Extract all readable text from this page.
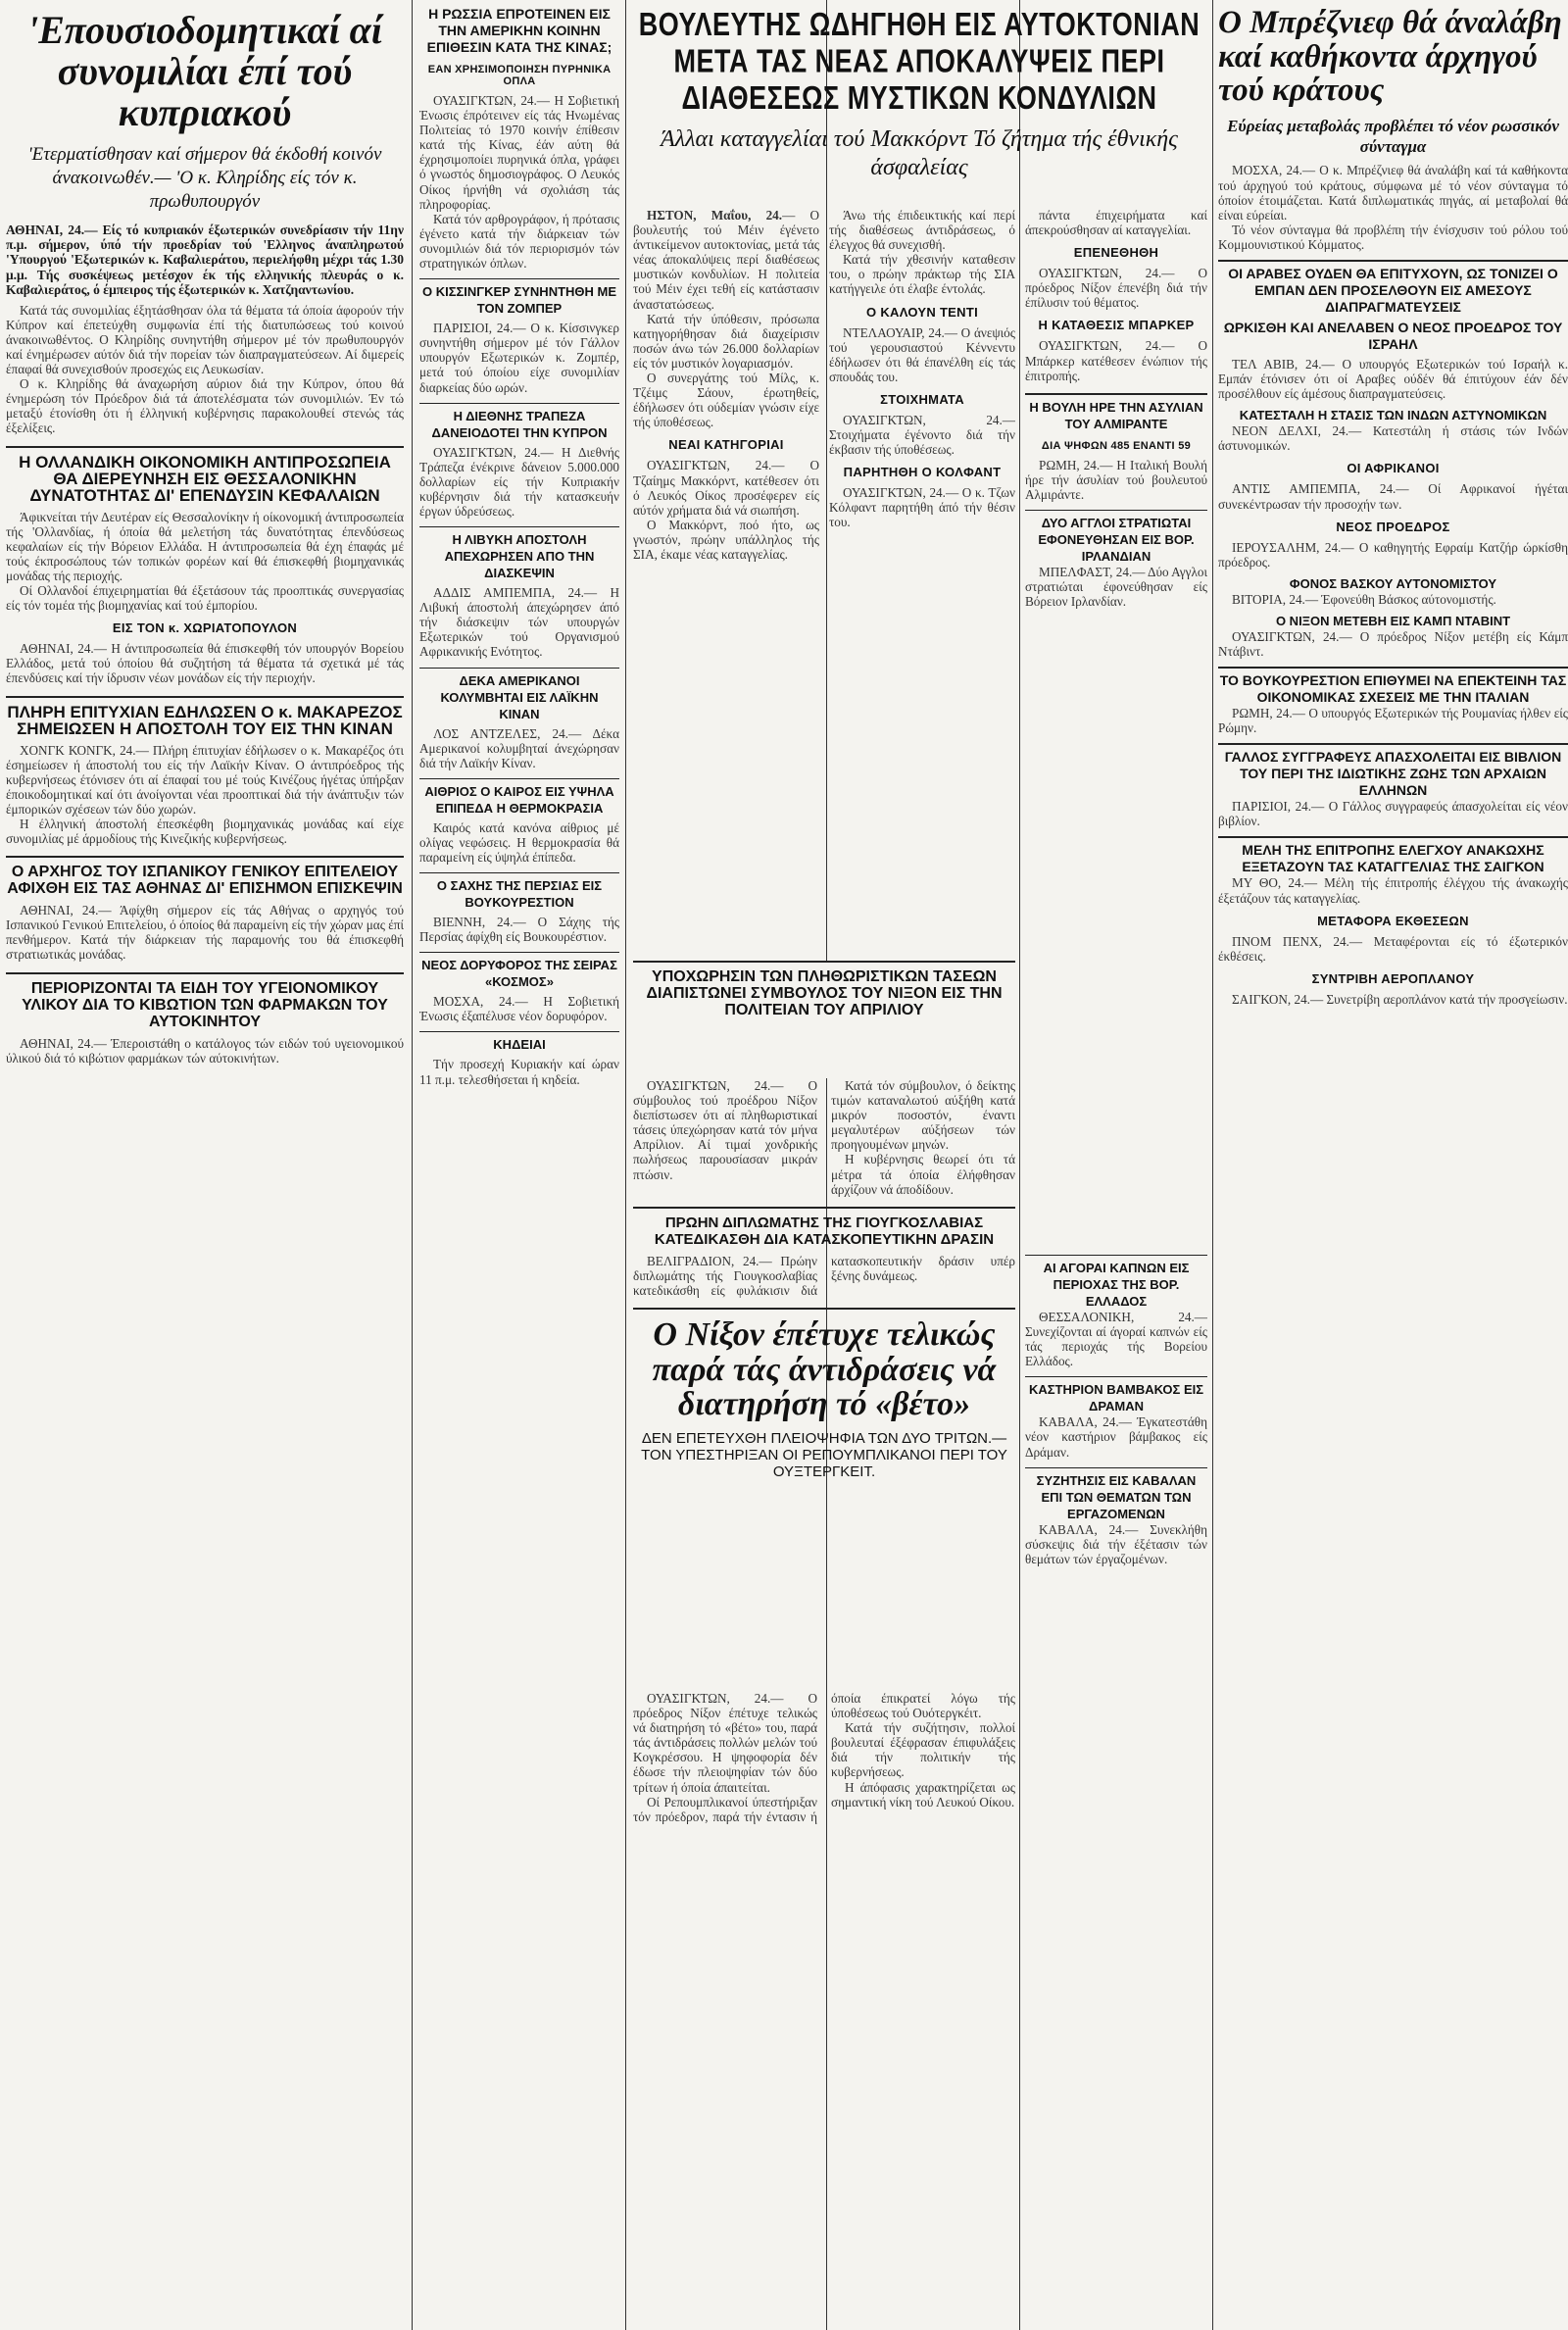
'Επουσιοδομητικαί αί συνομιλίαι έπί τού κυπριακού
'Ετερματίσθησαν καί σήμερον θά έκδοθή κοινόν άνακοινωθέν.— 'Ο κ. Κληρίδης είς τόν κ. πρωθυπουργόν
ΑΘΗΝΑΙ, 24.— Είς τό κυπριακόν έξωτερικών συνεδρίασιν τήν 11ην π.μ. σήμερον, ύπό τήν προεδρίαν τού 'Ελληνος άναπληρωτού 'Υπουργού 'Εξωτερικών κ. Καβαλιεράτου, περιελήφθη μέχρι τάς 1.30 μ.μ. Τής συσκέψεως μετέσχον έκ τής ελληνικής πλευράς ο κ. Καβαλιεράτος, ό έμπειρος τής έξωτερικών κ. Χατζηαντωνίου.

Κατά τάς συνομιλίας έξητάσθησαν όλα τά θέματα τά όποία άφορούν τήν Κύπρον καί έπετεύχθη συμφωνία έπί τής διατυπώσεως τού κοινού άνακοινωθέντος. Ο Κληρίδης συνηντήθη σήμερον μέ τόν πρωθυπουργόν καί ένημέρωσεν αύτόν διά τήν πορείαν τών διαπραγματεύσεων. Αί διμερείς έπαφαί θά συνεχισθούν προσεχώς εις Λευκωσίαν.

Ο κ. Κληρίδης θά άναχωρήση αύριον διά την Κύπρον, όπου θά ένημερώση τόν Πρόεδρον διά τά άποτελέσματα τών συνομιλιών. Έν τώ μεταξύ έτονίσθη ότι ή έλληνική κυβέρνησις παρακολουθεί στενώς τάς έξελίξεις.

Η ΟΛΛΑΝΔΙΚΗ ΟΙΚΟΝΟΜΙΚΗ ΑΝΤΙΠΡΟΣΩΠΕΙΑ ΘΑ ΔΙΕΡΕΥΝΗΣΗ ΕΙΣ ΘΕΣΣΑΛΟΝΙΚΗΝ ΔΥΝΑΤΟΤΗΤΑΣ ΔΙ' ΕΠΕΝΔΥΣΙΝ ΚΕΦΑΛΑΙΩΝ

Άφικνείται τήν Δευτέραν είς Θεσσαλονίκην ή οίκονομική άντιπροσωπεία τής 'Ολλανδίας, ή όποία θά μελετήση τάς δυνατότητας έπενδύσεως κεφαλαίων είς τήν Βόρειον Ελλάδα. Η άντιπροσωπεία θά έχη έπαφάς μέ τούς έκπροσώπους τών τοπικών φορέων καί θά έπισκεφθή βιομηχανικάς μονάδας τής περιοχής.

Οί Ολλανδοί έπιχειρηματίαι θά έξετάσουν τάς προοπτικάς συνεργασίας είς τόν τομέα τής βιομηχανίας καί τού έμπορίου.

ΕΙΣ ΤΟΝ κ. ΧΩΡΙΑΤΟΠΟΥΛΟΝ

ΑΘΗΝΑΙ, 24.— Η άντιπροσωπεία θά έπισκεφθή τόν υπουργόν Βορείου Ελλάδος, μετά τού όποίου θά συζητήση τά θέματα τά σχετικά μέ τάς έπενδύσεις καί τήν ίδρυσιν νέων μονάδων είς τήν περιοχήν.

ΠΛΗΡΗ ΕΠΙΤΥΧΙΑΝ ΕΔΗΛΩΣΕΝ Ο κ. ΜΑΚΑΡΕΖΟΣ ΣΗΜΕΙΩΣΕΝ Η ΑΠΟΣΤΟΛΗ ΤΟΥ ΕΙΣ ΤΗΝ ΚΙΝΑΝ

ΧΟΝΓΚ ΚΟΝΓΚ, 24.— Πλήρη έπιτυχίαν έδήλωσεν ο κ. Μακαρέζος ότι έσημείωσεν ή άποστολή του είς τήν Λαϊκήν Κίναν. Ο άντιπρόεδρος τής κυβερνήσεως έτόνισεν ότι αί έπαφαί του μέ τούς Κινέζους ήγέτας ύπήρξαν έποικοδομητικαί καί ότι άνοίγονται νέαι προοπτικαί διά τήν άνάπτυξιν τών έμπορικών σχέσεων τών δύο χωρών.

Η έλληνική άποστολή έπεσκέφθη βιομηχανικάς μονάδας καί είχε συνομιλίας μέ άρμοδίους τής Κινεζικής κυβερνήσεως.

Ο ΑΡΧΗΓΟΣ ΤΟΥ ΙΣΠΑΝΙΚΟΥ ΓΕΝΙΚΟΥ ΕΠΙΤΕΛΕΙΟΥ ΑΦΙΧΘΗ ΕΙΣ ΤΑΣ ΑΘΗΝΑΣ ΔΙ' ΕΠΙΣΗΜΟΝ ΕΠΙΣΚΕΨΙΝ

ΑΘΗΝΑΙ, 24.— Άφίχθη σήμερον είς τάς Αθήνας ο αρχηγός τού Ισπανικού Γενικού Επιτελείου, ό όποίος θά παραμείνη είς τήν χώραν μας έπί πενθήμερον. Κατά τήν διάρκειαν τής παραμονής του θά έπισκεφθή στρατιωτικάς μονάδας.

ΠΕΡΙΟΡΙΖΟΝΤΑΙ ΤΑ ΕΙΔΗ ΤΟΥ ΥΓΕΙΟΝΟΜΙΚΟΥ ΥΛΙΚΟΥ ΔΙΑ ΤΟ ΚΙΒΩΤΙΟΝ ΤΩΝ ΦΑΡΜΑΚΩΝ ΤΟΥ ΑΥΤΟΚΙΝΗΤΟΥ

ΑΘΗΝΑΙ, 24.— Έπεροιστάθη ο κατάλογος τών ειδών τού υγειονομικού ύλικού διά τό κιβώτιον φαρμάκων τών αύτοκινήτων.

Η ΡΩΣΣΙΑ ΕΠΡΟΤΕΙΝΕΝ ΕΙΣ ΤΗΝ ΑΜΕΡΙΚΗΝ ΚΟΙΝΗΝ ΕΠΙΘΕΣΙΝ ΚΑΤΑ ΤΗΣ ΚΙΝΑΣ;
ΕΑΝ ΧΡΗΣΙΜΟΠΟΙΗΣΗ ΠΥΡΗΝΙΚΑ ΟΠΛΑ

ΟΥΑΣΙΓΚΤΩΝ, 24.— Η Σοβιετική Ένωσις έπρότεινεν είς τάς Ηνωμένας Πολιτείας τό 1970 κοινήν έπίθεσιν κατά τής Κίνας, έάν αύτη θά έχρησιμοποίει πυρηνικά όπλα, γράφει ό γνωστός δημοσιογράφος. Ο Λευκός Οίκος ήρνήθη νά σχολιάση τάς πληροφορίας.

Κατά τόν αρθρογράφον, ή πρότασις έγένετο κατά τήν διάρκειαν τών συνομιλιών διά τόν περιορισμόν τών στρατηγικών όπλων.

Ο ΚΙΣΣΙΝΓΚΕΡ ΣΥΝΗΝΤΗΘΗ ΜΕ ΤΟΝ ΖΟΜΠΕΡ

ΠΑΡΙΣΙΟΙ, 24.— Ο κ. Κίσσινγκερ συνηντήθη σήμερον μέ τόν Γάλλον υπουργόν Εξωτερικών κ. Ζομπέρ, μετά τού όποίου είχε συνομιλίαν διαρκείας δύο ωρών.

Η ΔΙΕΘΝΗΣ ΤΡΑΠΕΖΑ ΔΑΝΕΙΟΔΟΤΕΙ ΤΗΝ ΚΥΠΡΟΝ

ΟΥΑΣΙΓΚΤΩΝ, 24.— Η Διεθνής Τράπεζα ένέκρινε δάνειον 5.000.000 δολλαρίων είς τήν Κυπριακήν κυβέρνησιν διά τήν κατασκευήν έργων ύδρεύσεως.

Η ΛΙΒΥΚΗ ΑΠΟΣΤΟΛΗ ΑΠΕΧΩΡΗΣΕΝ ΑΠΟ ΤΗΝ ΔΙΑΣΚΕΨΙΝ

ΑΔΔΙΣ ΑΜΠΕΜΠΑ, 24.— Η Λιβυκή άποστολή άπεχώρησεν άπό τήν διάσκεψιν τών υπουργών Εξωτερικών τού Οργανισμού Αφρικανικής Ενότητος.

ΔΕΚΑ ΑΜΕΡΙΚΑΝΟΙ ΚΟΛΥΜΒΗΤΑΙ ΕΙΣ ΛΑΪΚΗΝ ΚΙΝΑΝ

ΛΟΣ ΑΝΤΖΕΛΕΣ, 24.— Δέκα Αμερικανοί κολυμβηταί άνεχώρησαν διά τήν Λαϊκήν Κίναν.

ΑΙΘΡΙΟΣ Ο ΚΑΙΡΟΣ ΕΙΣ ΥΨΗΛΑ ΕΠΙΠΕΔΑ Η ΘΕΡΜΟΚΡΑΣΙΑ

Καιρός κατά κανόνα αίθριος μέ ολίγας νεφώσεις. Η θερμοκρασία θά παραμείνη είς ύψηλά έπίπεδα.

Ο ΣΑΧΗΣ ΤΗΣ ΠΕΡΣΙΑΣ ΕΙΣ ΒΟΥΚΟΥΡΕΣΤΙΟΝ

ΒΙΕΝΝΗ, 24.— Ο Σάχης τής Περσίας άφίχθη είς Βουκουρέστιον.

ΝΕΟΣ ΔΟΡΥΦΟΡΟΣ ΤΗΣ ΣΕΙΡΑΣ «ΚΟΣΜΟΣ»

ΜΟΣΧΑ, 24.— Η Σοβιετική Ένωσις έξαπέλυσε νέον δορυφόρον.

ΚΗΔΕΙΑΙ

Τήν προσεχή Κυριακήν καί ώραν 11 π.μ. τελεσθήσεται ή κηδεία.

ΒΟΥΛΕΥΤΗΣ ΩΔΗΓΗΘΗ ΕΙΣ ΑΥΤΟΚΤΟΝΙΑΝ ΜΕΤΑ ΤΑΣ ΝΕΑΣ ΑΠΟΚΑΛΥΨΕΙΣ ΠΕΡΙ ΔΙΑΘΕΣΕΩΣ ΜΥΣΤΙΚΩΝ ΚΟΝΔΥΛΙΩΝ
Άλλαι καταγγελίαι τού Μακκόρντ Τό ζήτημα τής έθνικής άσφαλείας

ΗΣΤΟΝ, Μαΐου, 24.— Ο βουλευτής τού Μέιν έγένετο άντικείμενον αυτοκτονίας, μετά τάς νέας άποκαλύψεις περί διαθέσεως μυστικών κονδυλίων. Η πολιτεία τού Μέιν έχει τεθή είς κατάστασιν άναστατώσεως.

Κατά τήν ύπόθεσιν, πρόσωπα κατηγορήθησαν διά διαχείρισιν ποσών άνω τών 26.000 δολλαρίων είς τόν μυστικόν λογαριασμόν.

Ο συνεργάτης τού Μίλς, κ. Τζέιμς Σάουν, έρωτηθείς, έδήλωσεν ότι ούδεμίαν γνώσιν είχε τής ύποθέσεως.

ΝΕΑΙ ΚΑΤΗΓΟΡΙΑΙ

ΟΥΑΣΙΓΚΤΩΝ, 24.— Ο Τζαίημς Μακκόρντ, κατέθεσεν ότι ό Λευκός Οίκος προσέφερεν είς αύτόν χρήματα διά νά σιωπήση.

Ο Μακκόρντ, ποό ήτο, ως γνωστόν, πρώην υπάλληλος τής ΣΙΑ, έκαμε νέας καταγγελίας.

Άνω τής έπιδεικτικής καί περί τής διαθέσεως άντιδράσεως, ό έλεγχος θά συνεχισθή.

Κατά τήν χθεσινήν καταθεσιν του, ο πρώην πράκτωρ τής ΣΙΑ κατήγγειλε ότι έλαβε έντολάς.

Ο ΚΑΛΟΥΝ ΤΕΝΤΙ

ΝΤΕΛΑΟΥΑΙΡ, 24.— Ο άνεψιός τού γερουσιαστού Κέννεντυ έδήλωσεν ότι θά έπανέλθη είς τάς σπουδάς του.

ΣΤΟΙΧΗΜΑΤΑ

ΟΥΑΣΙΓΚΤΩΝ, 24.— Στοιχήματα έγένοντο διά τήν έκβασιν τής ύποθέσεως.

ΠΑΡΗΤΗΘΗ Ο ΚΟΛΦΑΝΤ

ΟΥΑΣΙΓΚΤΩΝ, 24.— Ο κ. Τζων Κόλφαντ παρητήθη άπό τήν θέσιν του.

πάντα έπιχειρήματα καί άπεκρούσθησαν αί καταγγελίαι.

ΕΠΕΝΕΘΗΘΗ

ΟΥΑΣΙΓΚΤΩΝ, 24.— Ο πρόεδρος Νίξον έπενέβη διά τήν έπίλυσιν τού θέματος.

Η ΚΑΤΑΘΕΣΙΣ ΜΠΑΡΚΕΡ

ΟΥΑΣΙΓΚΤΩΝ, 24.— Ο Μπάρκερ κατέθεσεν ένώπιον τής έπιτροπής.

Η ΒΟΥΛΗ ΗΡΕ ΤΗΝ ΑΣΥΛΙΑΝ ΤΟΥ ΑΛΜΙΡΑΝΤΕ
ΔΙΑ ΨΗΦΩΝ 485 ΕΝΑΝΤΙ 59

ΡΩΜΗ, 24.— Η Ιταλική Βουλή ήρε τήν άσυλίαν τού βουλευτού Αλμιράντε.

ΔΥΟ ΑΓΓΛΟΙ ΣΤΡΑΤΙΩΤΑΙ ΕΦΟΝΕΥΘΗΣΑΝ ΕΙΣ ΒΟΡ. ΙΡΛΑΝΔΙΑΝ

ΜΠΕΛΦΑΣΤ, 24.— Δύο Αγγλοι στρατιώται έφονεύθησαν είς Βόρειον Ιρλανδίαν.

ΥΠΟΧΩΡΗΣΙΝ ΤΩΝ ΠΛΗΘΩΡΙΣΤΙΚΩΝ ΤΑΣΕΩΝ ΔΙΑΠΙΣΤΩΝΕΙ ΣΥΜΒΟΥΛΟΣ ΤΟΥ ΝΙΞΟΝ ΕΙΣ ΤΗΝ ΠΟΛΙΤΕΙΑΝ ΤΟΥ ΑΠΡΙΛΙΟΥ

ΟΥΑΣΙΓΚΤΩΝ, 24.— Ο σύμβουλος τού προέδρου Νίξον διεπίστωσεν ότι αί πληθωριστικαί τάσεις ύπεχώρησαν κατά τόν μήνα Απρίλιον. Αί τιμαί χονδρικής πωλήσεως παρουσίασαν μικράν πτώσιν.

Κατά τόν σύμβουλον, ό δείκτης τιμών καταναλωτού αύξήθη κατά μικρόν ποσοστόν, έναντι μεγαλυτέρων αύξήσεων τών προηγουμένων μηνών.

Η κυβέρνησις θεωρεί ότι τά μέτρα τά όποία έλήφθησαν άρχίζουν νά άποδίδουν.

ΠΡΩΗΝ ΔΙΠΛΩΜΑΤΗΣ ΤΗΣ ΓΙΟΥΓΚΟΣΛΑΒΙΑΣ ΚΑΤΕΔΙΚΑΣΘΗ ΔΙΑ ΚΑΤΑΣΚΟΠΕΥΤΙΚΗΝ ΔΡΑΣΙΝ

ΒΕΛΙΓΡΑΔΙΟΝ, 24.— Πρώην διπλωμάτης τής Γιουγκοσλαβίας κατεδικάσθη είς φυλάκισιν διά κατασκοπευτικήν δράσιν υπέρ ξένης δυνάμεως.

Ο Νίξον έπέτυχε τελικώς παρά τάς άντιδράσεις νά διατηρήση τό «βέτο»
ΔΕΝ ΕΠΕΤΕΥΧΘΗ ΠΛΕΙΟΨΗΦΙΑ ΤΩΝ ΔΥΟ ΤΡΙΤΩΝ.—ΤΟΝ ΥΠΕΣΤΗΡΙΞΑΝ ΟΙ ΡΕΠΟΥΜΠΛΙΚΑΝΟΙ ΠΕΡΙ ΤΟΥ ΟΥΞΤΕΡΓΚΕΙΤ.

ΟΥΑΣΙΓΚΤΩΝ, 24.— Ο πρόεδρος Νίξον έπέτυχε τελικώς νά διατηρήση τό «βέτο» του, παρά τάς άντιδράσεις πολλών μελών τού Κογκρέσσου. Η ψηφοφορία δέν έδωσε τήν πλειοψηφίαν τών δύο τρίτων ή όποία άπαιτείται.

Οί Ρεπουμπλικανοί ύπεστήριξαν τόν πρόεδρον, παρά τήν έντασιν ή όποία έπικρατεί λόγω τής ύποθέσεως τού Ουότεργκέιτ.

Κατά τήν συζήτησιν, πολλοί βουλευταί έξέφρασαν έπιφυλάξεις διά τήν πολιτικήν τής κυβερνήσεως.

Η άπόφασις χαρακτηρίζεται ως σημαντική νίκη τού Λευκού Οίκου.

ΑΙ ΑΓΟΡΑΙ ΚΑΠΝΩΝ ΕΙΣ ΠΕΡΙΟΧΑΣ ΤΗΣ ΒΟΡ. ΕΛΛΑΔΟΣ

ΘΕΣΣΑΛΟΝΙΚΗ, 24.— Συνεχίζονται αί άγοραί καπνών είς τάς περιοχάς τής Βορείου Ελλάδος.

ΚΑΣΤΗΡΙΟΝ ΒΑΜΒΑΚΟΣ ΕΙΣ ΔΡΑΜΑΝ

ΚΑΒΑΛΑ, 24.— Έγκατεστάθη νέον καστήριον βάμβακος είς Δράμαν.

ΣΥΖΗΤΗΣΙΣ ΕΙΣ ΚΑΒΑΛΑΝ ΕΠΙ ΤΩΝ ΘΕΜΑΤΩΝ ΤΩΝ ΕΡΓΑΖΟΜΕΝΩΝ

ΚΑΒΑΛΑ, 24.— Συνεκλήθη σύσκεψις διά τήν έξέτασιν τών θεμάτων τών έργαζομένων.

Ο Μπρέζνιεφ θά άναλάβη καί καθήκοντα άρχηγού τού κράτους
Εύρείας μεταβολάς προβλέπει τό νέον ρωσσικόν σύνταγμα

ΜΟΣΧΑ, 24.— Ο κ. Μπρέζνιεφ θά άναλάβη καί τά καθήκοντα τού άρχηγού τού κράτους, σύμφωνα μέ τό νέον σύνταγμα τό όποίον έτοιμάζεται. Κατά διπλωματικάς πηγάς, αί μεταβολαί θά είναι εύρείαι.

Τό νέον σύνταγμα θά προβλέπη τήν ένίσχυσιν τού ρόλου τού Κομμουνιστικού Κόμματος.

ΟΙ ΑΡΑΒΕΣ ΟΥΔΕΝ ΘΑ ΕΠΙΤΥΧΟΥΝ, ΩΣ ΤΟΝΙΖΕΙ Ο ΕΜΠΑΝ ΔΕΝ ΠΡΟΣΕΛΘΟΥΝ ΕΙΣ ΑΜΕΣΟΥΣ ΔΙΑΠΡΑΓΜΑΤΕΥΣΕΙΣ
ΩΡΚΙΣΘΗ ΚΑΙ ΑΝΕΛΑΒΕΝ Ο ΝΕΟΣ ΠΡΟΕΔΡΟΣ ΤΟΥ ΙΣΡΑΗΛ

ΤΕΛ ΑΒΙΒ, 24.— Ο υπουργός Εξωτερικών τού Ισραήλ κ. Εμπάν έτόνισεν ότι οί Αραβες ούδέν θά έπιτύχουν έάν δέν προσέλθουν είς άμέσους διαπραγματεύσεις.

ΚΑΤΕΣΤΑΛΗ Η ΣΤΑΣΙΣ ΤΩΝ ΙΝΔΩΝ ΑΣΤΥΝΟΜΙΚΩΝ

ΝΕΟΝ ΔΕΛΧΙ, 24.— Κατεστάλη ή στάσις τών Ινδών άστυνομικών.

ΟΙ ΑΦΡΙΚΑΝΟΙ

ΑΝΤΙΣ ΑΜΠΕΜΠΑ, 24.— Οί Αφρικανοί ήγέται συνεκέντρωσαν τήν προσοχήν των.

ΝΕΟΣ ΠΡΟΕΔΡΟΣ

ΙΕΡΟΥΣΑΛΗΜ, 24.— Ο καθηγητής Εφραίμ Κατζήρ ώρκίσθη πρόεδρος.

ΦΟΝΟΣ ΒΑΣΚΟΥ ΑΥΤΟΝΟΜΙΣΤΟΥ

ΒΙΤΟΡΙΑ, 24.— Έφονεύθη Βάσκος αύτονομιστής.

Ο ΝΙΞΟΝ ΜΕΤΕΒΗ ΕΙΣ ΚΑΜΠ ΝΤΑΒΙΝΤ

ΟΥΑΣΙΓΚΤΩΝ, 24.— Ο πρόεδρος Νίξον μετέβη είς Κάμπ Ντάβιντ.

ΤΟ ΒΟΥΚΟΥΡΕΣΤΙΟΝ ΕΠΙΘΥΜΕΙ ΝΑ ΕΠΕΚΤΕΙΝΗ ΤΑΣ ΟΙΚΟΝΟΜΙΚΑΣ ΣΧΕΣΕΙΣ ΜΕ ΤΗΝ ΙΤΑΛΙΑΝ

ΡΩΜΗ, 24.— Ο υπουργός Εξωτερικών τής Ρουμανίας ήλθεν είς Ρώμην.

ΓΑΛΛΟΣ ΣΥΓΓΡΑΦΕΥΣ ΑΠΑΣΧΟΛΕΙΤΑΙ ΕΙΣ ΒΙΒΛΙΟΝ ΤΟΥ ΠΕΡΙ ΤΗΣ ΙΔΙΩΤΙΚΗΣ ΖΩΗΣ ΤΩΝ ΑΡΧΑΙΩΝ ΕΛΛΗΝΩΝ

ΠΑΡΙΣΙΟΙ, 24.— Ο Γάλλος συγγραφεύς άπασχολείται είς νέον βιβλίον.

ΜΕΛΗ ΤΗΣ ΕΠΙΤΡΟΠΗΣ ΕΛΕΓΧΟΥ ΑΝΑΚΩΧΗΣ ΕΞΕΤΑΖΟΥΝ ΤΑΣ ΚΑΤΑΓΓΕΛΙΑΣ ΤΗΣ ΣΑΙΓΚΟΝ

ΜΥ ΘΟ, 24.— Μέλη τής έπιτροπής έλέγχου τής άνακωχής έξετάζουν τάς καταγγελίας.

ΜΕΤΑΦΟΡΑ ΕΚΘΕΣΕΩΝ

ΠΝΟΜ ΠΕΝΧ, 24.— Μεταφέρονται είς τό έξωτερικόν έκθέσεις.

ΣΥΝΤΡΙΒΗ ΑΕΡΟΠΛΑΝΟΥ

ΣΑΙΓΚΟΝ, 24.— Συνετρίβη αεροπλάνον κατά τήν προσγείωσιν.
